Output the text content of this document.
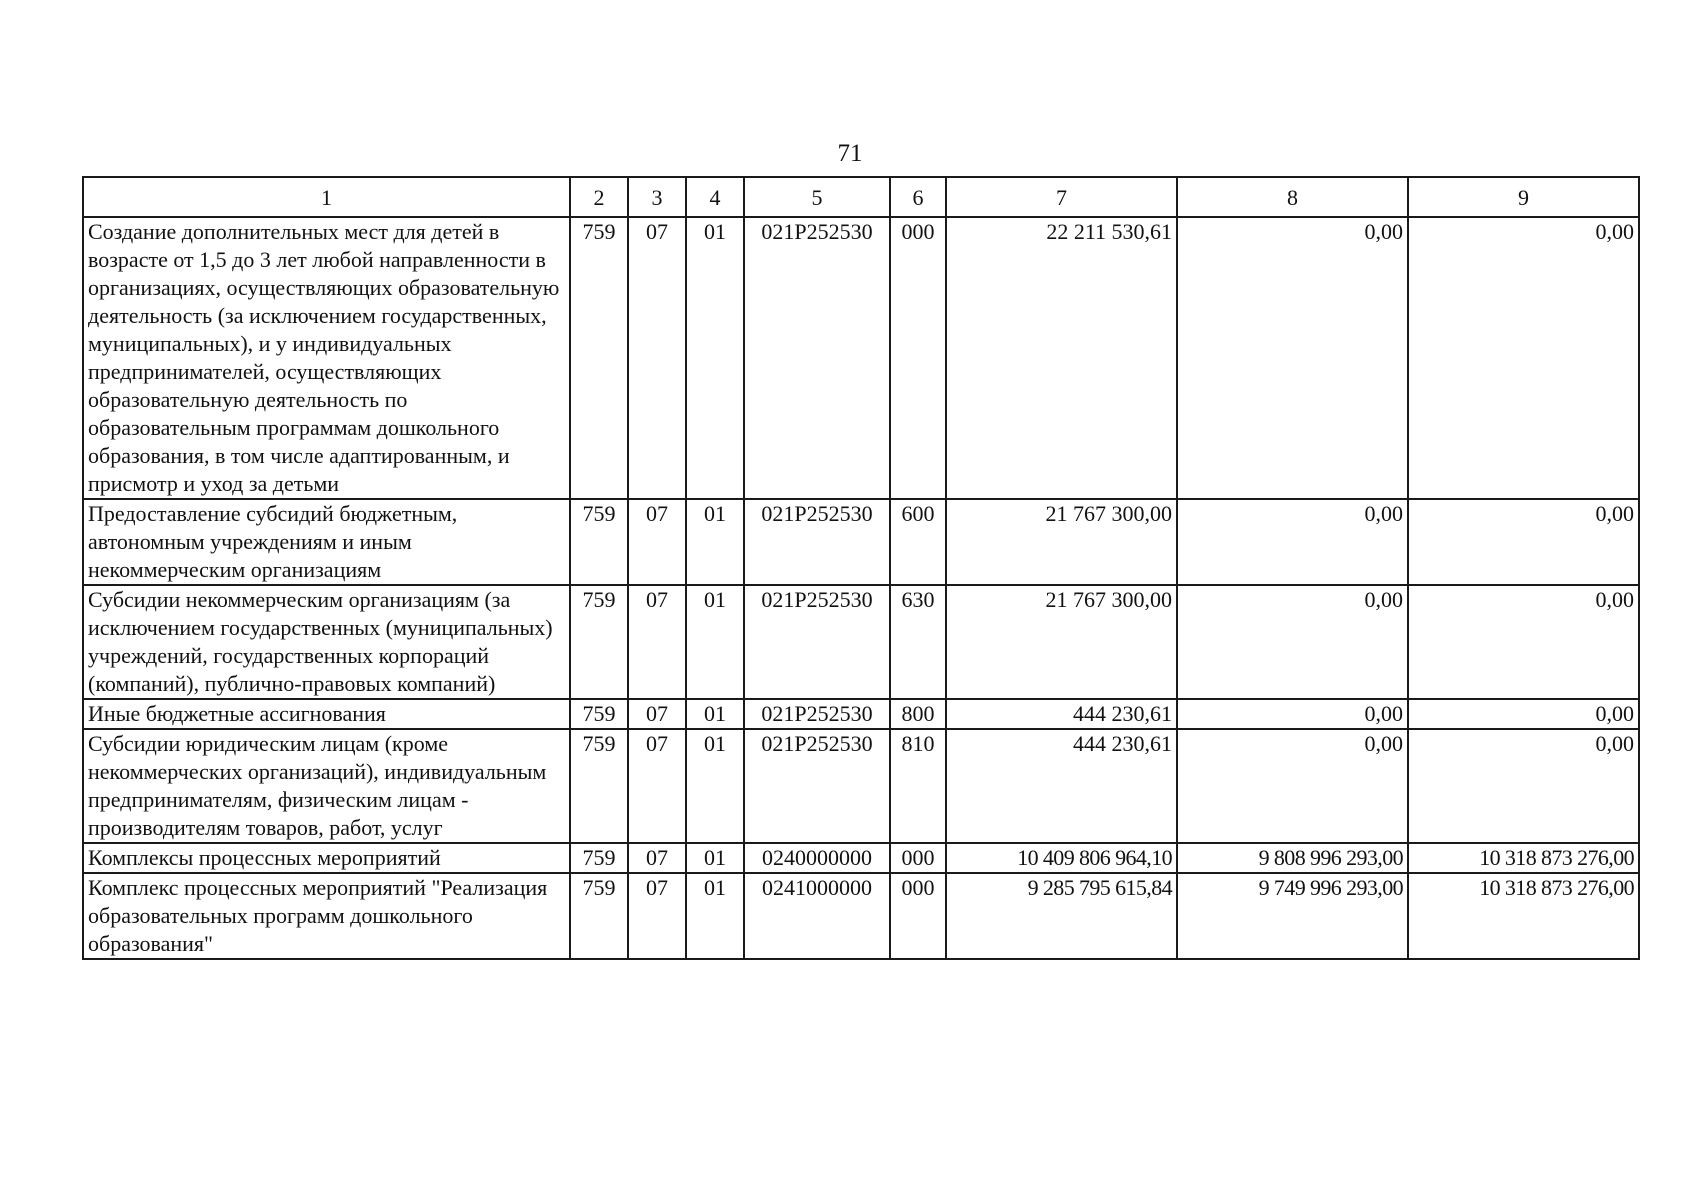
71
1	2	3	4	5	6	7	8	9
Создание дополнительных мест для детей в возрасте от 1,5 до 3 лет любой направленности в организациях, осуществляющих образовательную деятельность (за исключением государственных, муниципальных), и у индивидуальных предпринимателей, осуществляющих образовательную деятельность по образовательным программам дошкольного образования, в том числе адаптированным, и присмотр и уход за детьми	759	07	01	021P252530	000	22 211 530,61	0,00	0,00
Предоставление субсидий бюджетным, автономным учреждениям и иным некоммерческим организациям	759	07	01	021P252530	600	21 767 300,00	0,00	0,00
Субсидии некоммерческим организациям (за исключением государственных (муниципальных) учреждений, государственных корпораций (компаний), публично-правовых компаний)	759	07	01	021P252530	630	21 767 300,00	0,00	0,00
Иные бюджетные ассигнования	759	07	01	021P252530	800	444 230,61	0,00	0,00
Субсидии юридическим лицам (кроме некоммерческих организаций), индивидуальным предпринимателям, физическим лицам - производителям товаров, работ, услуг	759	07	01	021P252530	810	444 230,61	0,00	0,00
Комплексы процессных мероприятий	759	07	01	0240000000	000	10 409 806 964,10	9 808 996 293,00	10 318 873 276,00
Комплекс процессных мероприятий "Реализация образовательных программ дошкольного образования"	759	07	01	0241000000	000	9 285 795 615,84	9 749 996 293,00	10 318 873 276,00
